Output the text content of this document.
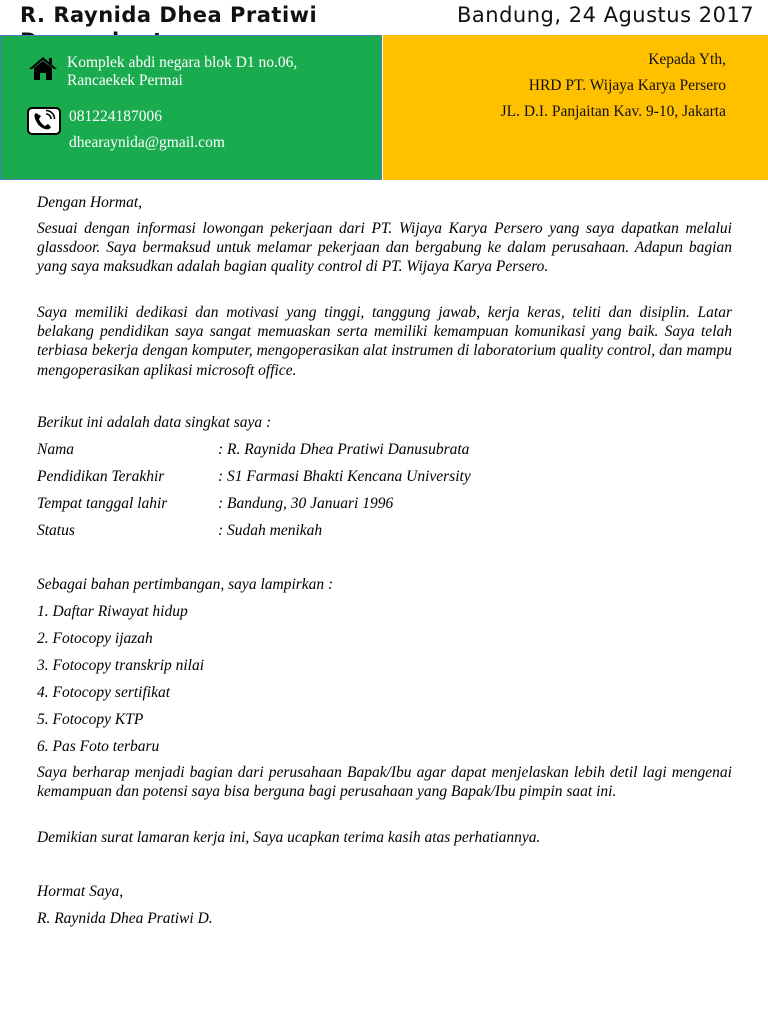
R. Raynida Dhea Pratiwi	Bandung, 24 Agustus 2017
Komplek abdi negara blok D1 no.06,
Rancaekek Permai
081224187006
dhearaynida@gmail.com
Kepada Yth,
HRD PT. Wijaya Karya Persero
JL. D.I. Panjaitan Kav. 9-10, Jakarta
Dengan Hormat,
Sesuai dengan informasi lowongan pekerjaan dari PT. Wijaya Karya Persero yang saya dapatkan melalui glassdoor. Saya bermaksud untuk melamar pekerjaan dan bergabung ke dalam perusahaan. Adapun bagian yang saya maksudkan adalah bagian quality control di PT. Wijaya Karya Persero.
Saya memiliki dedikasi dan motivasi yang tinggi, tanggung jawab, kerja keras, teliti dan disiplin. Latar belakang pendidikan saya sangat memuaskan serta memiliki kemampuan komunikasi yang baik. Saya telah terbiasa bekerja dengan komputer, mengoperasikan alat instrumen di laboratorium quality control, dan mampu mengoperasikan aplikasi microsoft office.
Berikut ini adalah data singkat saya :
Nama	: R. Raynida Dhea Pratiwi Danusubrata
Pendidikan Terakhir	: S1 Farmasi Bhakti Kencana University
Tempat tanggal lahir	: Bandung, 30 Januari 1996
Status	: Sudah menikah
Sebagai bahan pertimbangan, saya lampirkan :
1. Daftar Riwayat hidup
2. Fotocopy ijazah
3. Fotocopy transkrip nilai
4. Fotocopy sertifikat
5. Fotocopy KTP
6. Pas Foto terbaru
Saya berharap menjadi bagian dari perusahaan Bapak/Ibu agar dapat menjelaskan lebih detil lagi mengenai kemampuan dan potensi saya bisa berguna bagi perusahaan yang Bapak/Ibu pimpin saat ini.
Demikian surat lamaran kerja ini, Saya ucapkan terima kasih atas perhatiannya.
Hormat Saya,
R. Raynida Dhea Pratiwi D.
